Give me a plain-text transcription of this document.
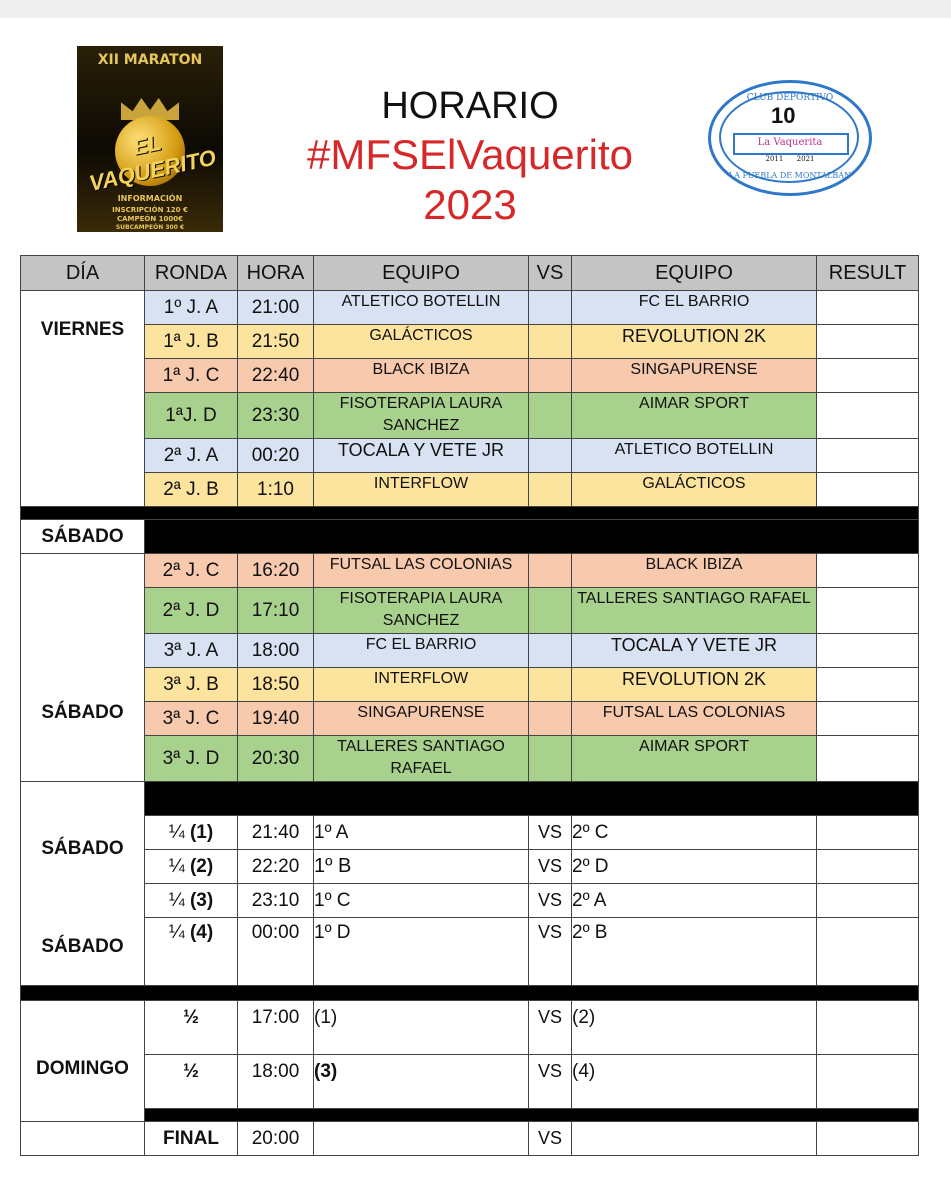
XII MARATON
EL VAQUERITO
INFORMACIÓN
INSCRIPCIÓN 120 €
CAMPEÓN 1000€
SUBCAMPEÓN 300 €
HORARIO
#MFSElVaquerito
2023
CLUB DEPORTIVO
10
La Vaquerita
2011 2021
LA PUEBLA DE MONTALBÁN
DÍA	RONDA	HORA	EQUIPO	VS	EQUIPO	RESULT
VIERNES	1º J. A	21:00	ATLETICO BOTELLIN		FC EL BARRIO	
	1ª J. B	21:50	GALÁCTICOS		REVOLUTION 2K	
	1ª J. C	22:40	BLACK IBIZA		SINGAPURENSE	
	1ªJ. D	23:30	FISOTERAPIA LAURA SANCHEZ		AIMAR SPORT	
	2ª J. A	00:20	TOCALA Y VETE JR		ATLETICO BOTELLIN	
	2ª J. B	1:10	INTERFLOW		GALÁCTICOS	

SÁBADO						
SÁBADO	2ª J. C	16:20	FUTSAL LAS COLONIAS		BLACK IBIZA	
	2ª J. D	17:10	FISOTERAPIA LAURA SANCHEZ		TALLERES SANTIAGO RAFAEL	
	3ª J. A	18:00	FC EL BARRIO		TOCALA Y VETE JR	
	3ª J. B	18:50	INTERFLOW		REVOLUTION 2K	
	3ª J. C	19:40	SINGAPURENSE		FUTSAL LAS COLONIAS	
	3ª J. D	20:30	TALLERES SANTIAGO RAFAEL		AIMAR SPORT	

SÁBADO
SÁBADO	¼ (1)	21:40	1º A	VS	2º C	
	¼ (2)	22:20	1º B	VS	2º D	
	¼ (3)	23:10	1º C	VS	2º A	
	¼ (4)	00:00	1º D	VS	2º B	

DOMINGO	½	17:00	(1)	VS	(2)	
	½	18:00	(3)	VS	(4)	

	FINAL	20:00		VS		
